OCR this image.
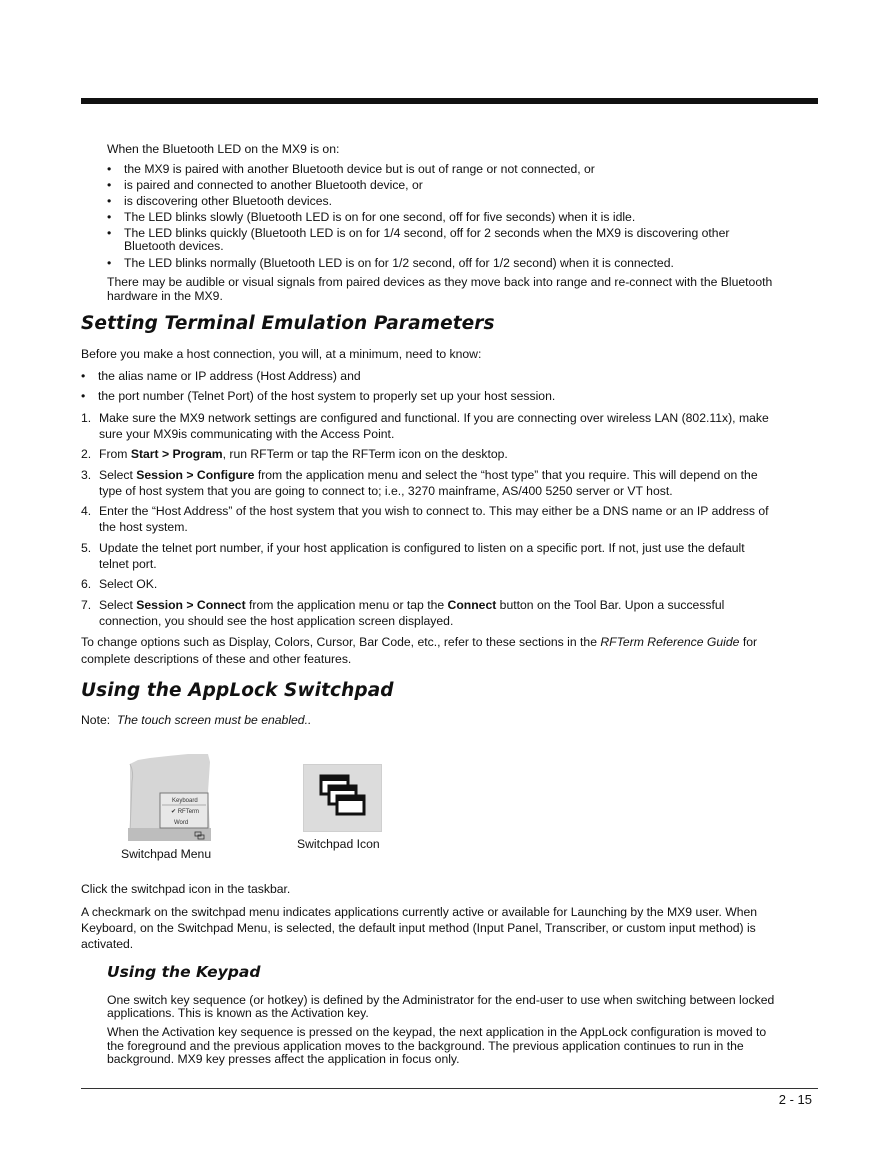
When the Bluetooth LED on the MX9 is on:
• the MX9 is paired with another Bluetooth device but is out of range or not connected, or
• is paired and connected to another Bluetooth device, or
• is discovering other Bluetooth devices.
• The LED blinks slowly (Bluetooth LED is on for one second, off for five seconds) when it is idle.
• The LED blinks quickly (Bluetooth LED is on for 1/4 second, off for 2 seconds when the MX9 is discovering other
Bluetooth devices.
• The LED blinks normally (Bluetooth LED is on for 1/2 second, off for 1/2 second) when it is connected.
There may be audible or visual signals from paired devices as they move back into range and re-connect with the Bluetooth
hardware in the MX9.
Setting Terminal Emulation Parameters
Before you make a host connection, you will, at a minimum, need to know:
• the alias name or IP address (Host Address) and
• the port number (Telnet Port) of the host system to properly set up your host session.
1. Make sure the MX9 network settings are configured and functional. If you are connecting over wireless LAN (802.11x), make
sure your MX9is communicating with the Access Point.
2. From Start > Program, run RFTerm or tap the RFTerm icon on the desktop.
3. Select Session > Configure from the application menu and select the “host type” that you require. This will depend on the
type of host system that you are going to connect to; i.e., 3270 mainframe, AS/400 5250 server or VT host.
4. Enter the “Host Address” of the host system that you wish to connect to. This may either be a DNS name or an IP address of
the host system.
5. Update the telnet port number, if your host application is configured to listen on a specific port. If not, just use the default
telnet port.
6. Select OK.
7. Select Session > Connect from the application menu or tap the Connect button on the Tool Bar. Upon a successful
connection, you should see the host application screen displayed.
To change options such as Display, Colors, Cursor, Bar Code, etc., refer to these sections in the RFTerm Reference Guide for
complete descriptions of these and other features.
Using the AppLock Switchpad
Note: The touch screen must be enabled..
Keyboard
✔ RFTerm
Word
Switchpad Menu
Switchpad Icon
Click the switchpad icon in the taskbar.
A checkmark on the switchpad menu indicates applications currently active or available for Launching by the MX9 user. When
Keyboard, on the Switchpad Menu, is selected, the default input method (Input Panel, Transcriber, or custom input method) is
activated.
Using the Keypad
One switch key sequence (or hotkey) is defined by the Administrator for the end-user to use when switching between locked
applications. This is known as the Activation key.
When the Activation key sequence is pressed on the keypad, the next application in the AppLock configuration is moved to
the foreground and the previous application moves to the background. The previous application continues to run in the
background. MX9 key presses affect the application in focus only.
2 - 15
